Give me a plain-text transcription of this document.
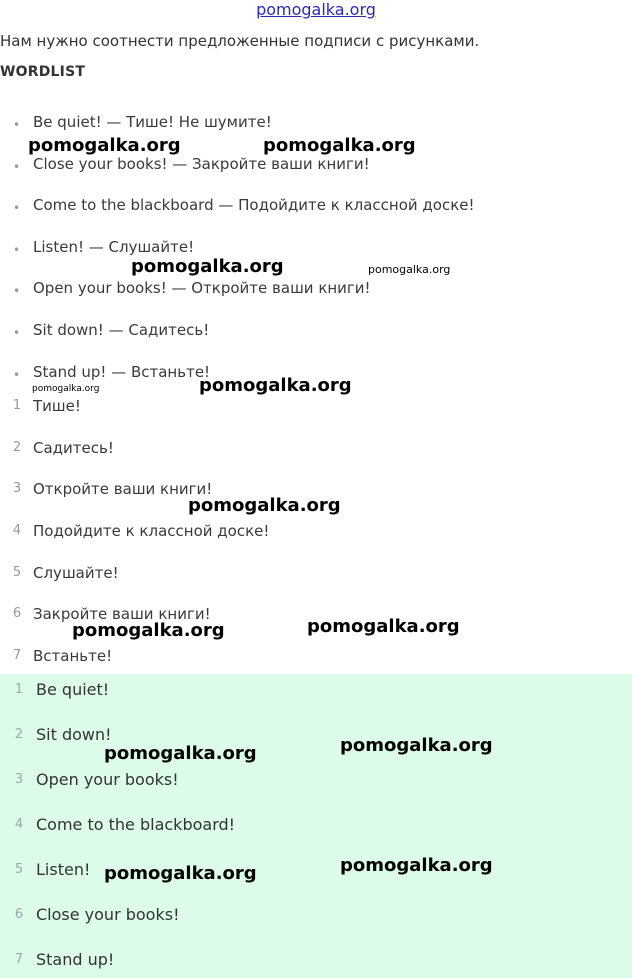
pomogalka.org
Нам нужно соотнести предложенные подписи с рисунками.
WORDLIST
• Be quiet! — Тише! Не шумите!
• Close your books! — Закройте ваши книги!
• Come to the blackboard — Подойдите к классной доске!
• Listen! — Слушайте!
• Open your books! — Откройте ваши книги!
• Sit down! — Садитесь!
• Stand up! — Встаньте!
1 Тише!
2 Садитесь!
3 Откройте ваши книги!
4 Подойдите к классной доске!
5 Слушайте!
6 Закройте ваши книги!
7 Встаньте!
1 Be quiet!
2 Sit down!
3 Open your books!
4 Come to the blackboard!
5 Listen!
6 Close your books!
7 Stand up!
pomogalka.org	pomogalka.org
pomogalka.org	pomogalka.org
pomogalka.org	pomogalka.org
pomogalka.org
pomogalka.org	pomogalka.org
pomogalka.org	pomogalka.org
pomogalka.org	pomogalka.org
